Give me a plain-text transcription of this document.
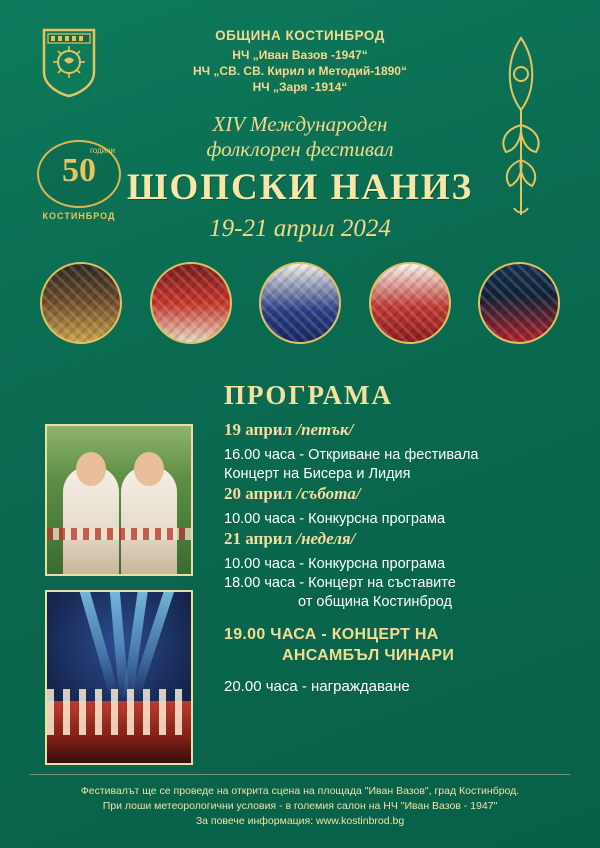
50
години
КОСТИНБРОД
ОБЩИНА КОСТИНБРОД
НЧ „Иван Вазов -1947“
НЧ „СВ. СВ. Кирил и Методий-1890“
НЧ „Заря -1914“
XIV Международен
фолклорен фестивал
ШОПСКИ НАНИЗ
19-21 април 2024
ПРОГРАМА
19 април /петък/
16.00 часа - Откриване на фестивала
Концерт на Бисера и Лидия
20 април /събота/
10.00 часа - Конкурсна програма
21 април /неделя/
10.00 часа - Конкурсна програма
18.00 часа - Концерт на съставите
от община Костинброд
19.00 ЧАСА - КОНЦЕРТ НА
АНСАМБЪЛ ЧИНАРИ
20.00 часа - награждаване
Фестивалът ще се проведе на открита сцена на площада "Иван Вазов", град Костинброд.
При лоши метеорологични условия - в големия салон на НЧ "Иван Вазов - 1947"
За повече информация: www.kostinbrod.bg
